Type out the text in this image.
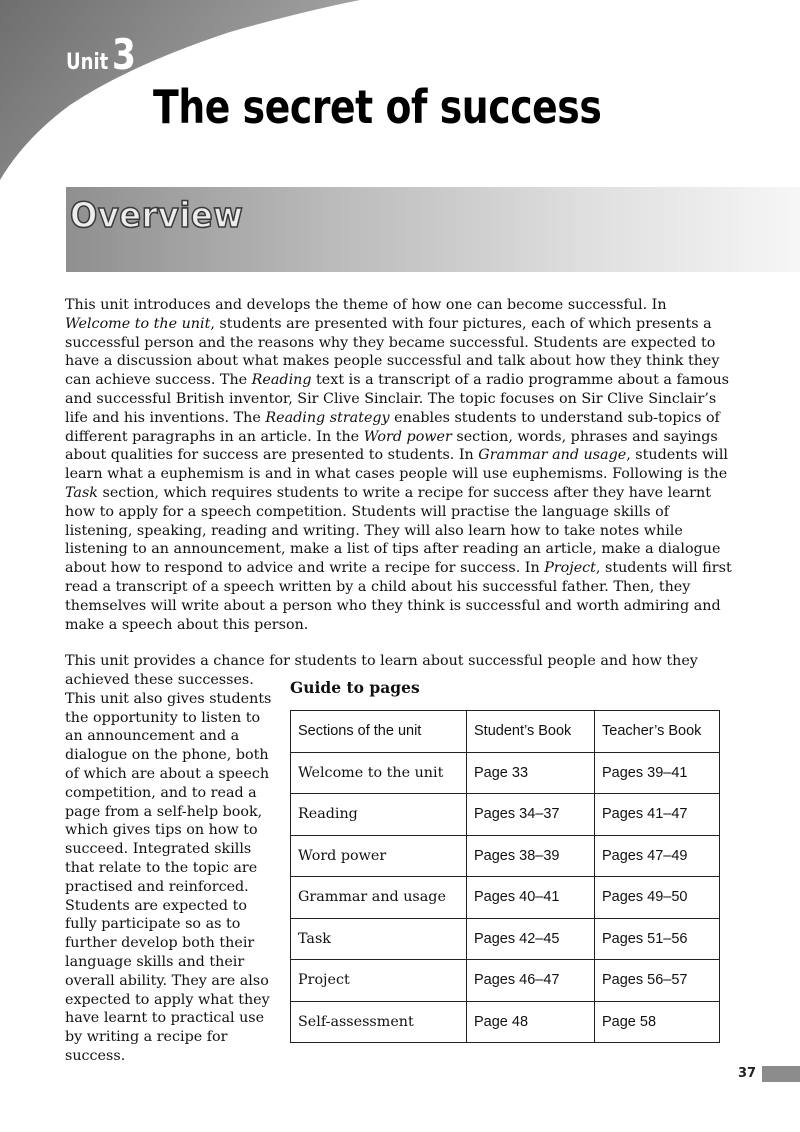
Unit 3
The secret of success
Overview

This unit introduces and develops the theme of how one can become successful. In Welcome to the unit, students are presented with four pictures, each of which presents a successful person and the reasons why they became successful. Students are expected to have a discussion about what makes people successful and talk about how they think they can achieve success. The Reading text is a transcript of a radio programme about a famous and successful British inventor, Sir Clive Sinclair. The topic focuses on Sir Clive Sinclair’s life and his inventions. The Reading strategy enables students to understand sub-topics of different paragraphs in an article. In the Word power section, words, phrases and sayings about qualities for success are presented to students. In Grammar and usage, students will learn what a euphemism is and in what cases people will use euphemisms. Following is the Task section, which requires students to write a recipe for success after they have learnt how to apply for a speech competition. Students will practise the language skills of listening, speaking, reading and writing. They will also learn how to take notes while listening to an announcement, make a list of tips after reading an article, make a dialogue about how to respond to advice and write a recipe for success. In Project, students will first read a transcript of a speech written by a child about his successful father. Then, they themselves will write about a person who they think is successful and worth admiring and make a speech about this person.

This unit provides a chance for students to learn about successful people and how they

achieved these successes. This unit also gives students the opportunity to listen to an announcement and a dialogue on the phone, both of which are about a speech competition, and to read a page from a self-help book, which gives tips on how to succeed. Integrated skills that relate to the topic are practised and reinforced. Students are expected to fully participate so as to further develop both their language skills and their overall ability. They are also expected to apply what they have learnt to practical use by writing a recipe for success.

Guide to pages
Sections of the unit	Student’s Book	Teacher’s Book
Welcome to the unit	Page 33	Pages 39–41
Reading	Pages 34–37	Pages 41–47
Word power	Pages 38–39	Pages 47–49
Grammar and usage	Pages 40–41	Pages 49–50
Task	Pages 42–45	Pages 51–56
Project	Pages 46–47	Pages 56–57
Self-assessment	Page 48	Page 58
37
